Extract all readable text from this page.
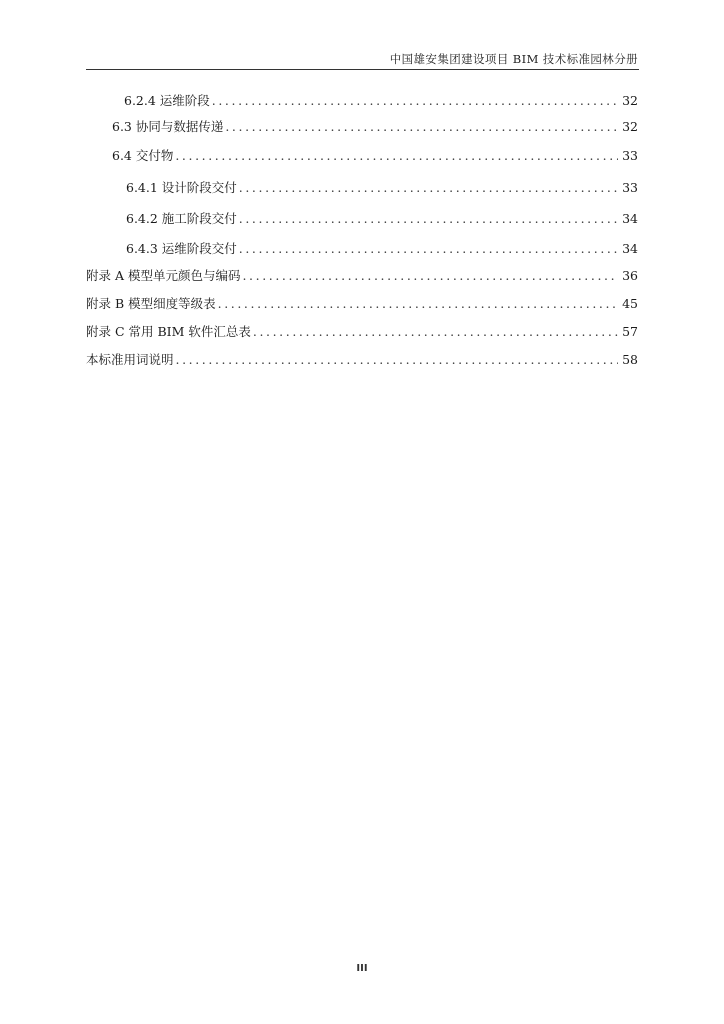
中国雄安集团建设项目 BIM 技术标准园林分册
6.2.4 运维阶段 .....	32
6.3 协同与数据传递 .....	32
6.4 交付物 .....	33
6.4.1 设计阶段交付 .....	33
6.4.2 施工阶段交付 .....	34
6.4.3 运维阶段交付 .....	34
附录 A 模型单元颜色与编码 .....	36
附录 B 模型细度等级表 .....	45
附录 C 常用 BIM 软件汇总表 .....	57
本标准用词说明 .....	58
III
